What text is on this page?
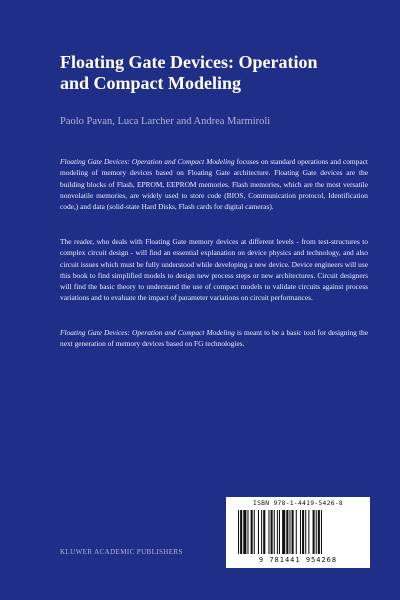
Floating Gate Devices: Operation
and Compact Modeling
Paolo Pavan, Luca Larcher and Andrea Marmiroli

Floating Gate Devices: Operation and Compact Modeling focuses on standard operations and compact modeling of memory devices based on Floating Gate architecture. Floating Gate devices are the building blocks of Flash, EPROM, EEPROM memories. Flash memories, which are the most versatile nonvolatile memories, are widely used to store code (BIOS, Communication protocol, Identification code,) and data (solid-state Hard Disks, Flash cards for digital cameras).

The reader, who deals with Floating Gate memory devices at different levels - from test-structures to complex circuit design - will find an essential explanation on device physics and technology, and also circuit issues which must be fully understood while developing a new device. Device engineers will use this book to find simplified models to design new process steps or new architectures. Circuit designers will find the basic theory to understand the use of compact models to validate circuits against process variations and to evaluate the impact of parameter variations on circuit performances.

Floating Gate Devices: Operation and Compact Modeling is meant to be a basic tool for designing the next generation of memory devices based on FG technologies.

ISBN 978-1-4419-5426-8
9 781441 954268
KLUWER ACADEMIC PUBLISHERS
